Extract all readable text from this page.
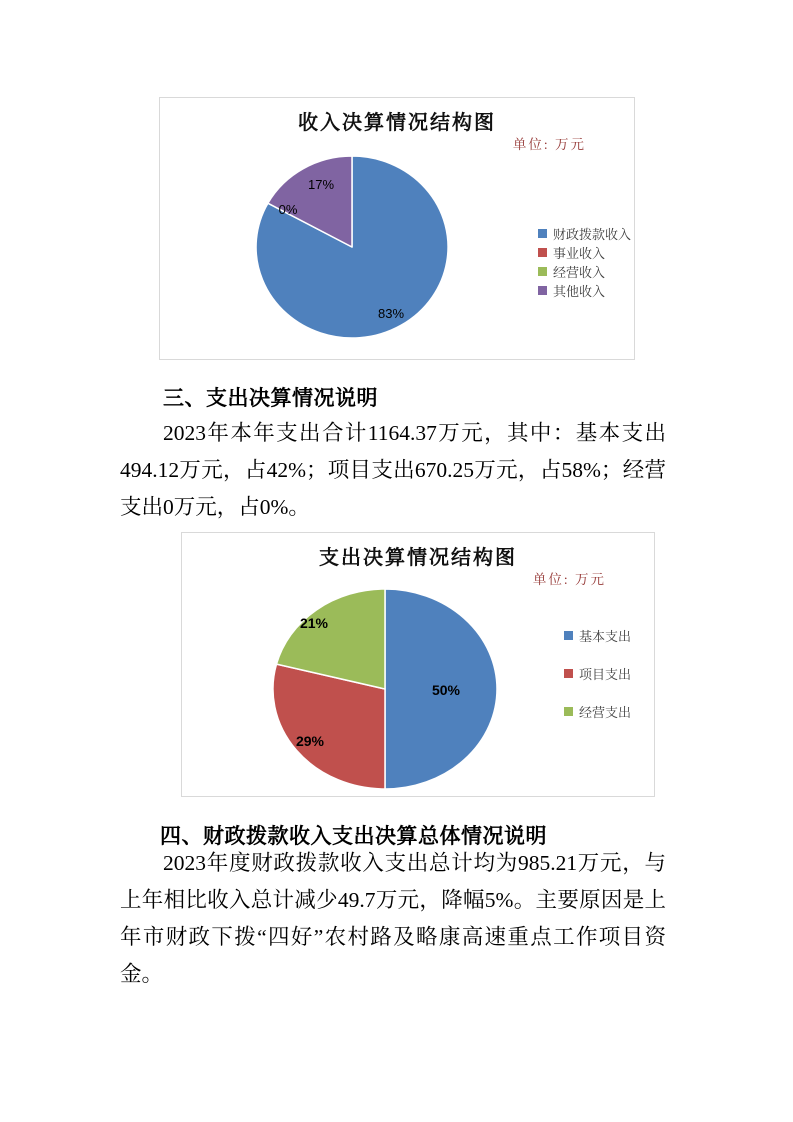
收入决算情况结构图
单位: 万元
83%
0%
17%
财政拨款收入
事业收入
经营收入
其他收入
三、支出决算情况说明
2023年本年支出合计1164.37万元，其中：基本支出494.12万元，占42%；项目支出670.25万元，占58%；经营支出0万元，占0%。
支出决算情况结构图
单位: 万元
50%
29%
21%
基本支出
项目支出
经营支出
四、财政拨款收入支出决算总体情况说明
2023年度财政拨款收入支出总计均为985.21万元，与上年相比收入总计减少49.7万元，降幅5%。主要原因是上年市财政下拨“四好”农村路及略康高速重点工作项目资金。
